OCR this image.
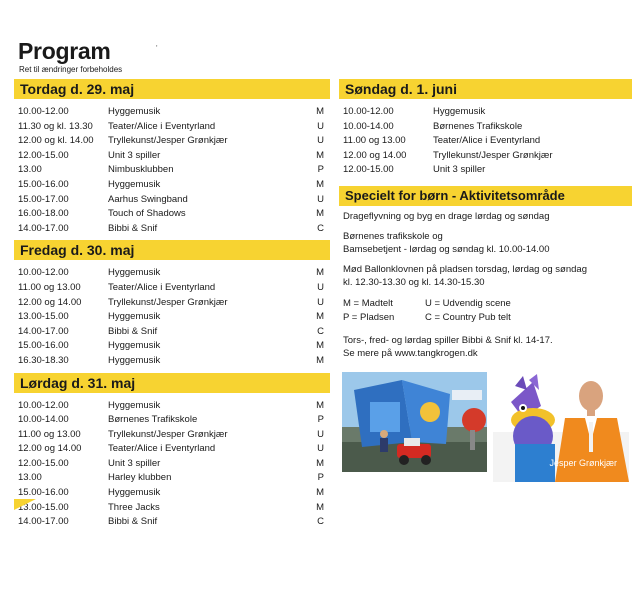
Program	'
Ret til ændringer forbeholdes
Tordag d. 29. maj
10.00-12.00	Hyggemusik	M
11.30 og kl. 13.30 Teater/Alice i Eventyrland	U
12.00 og kl. 14.00 Tryllekunst/Jesper Grønkjær	U
12.00-15.00	Unit 3 spiller	M
13.00	Nimbusklubben	P
15.00-16.00	Hyggemusik	M
15.00-17.00	Aarhus Swingband	U
16.00-18.00	Touch of Shadows	M
14.00-17.00	Bibbi & Snif	C
Fredag d. 30. maj
10.00-12.00	Hyggemusik	M
11.00 og 13.00	Teater/Alice i Eventyrland	U
12.00 og 14.00	Tryllekunst/Jesper Grønkjær	U
13.00-15.00	Hyggemusik	M
14.00-17.00	Bibbi & Snif	C
15.00-16.00	Hyggemusik	M
16.30-18.30	Hyggemusik	M
Lørdag d. 31. maj
10.00-12.00	Hyggemusik	M
10.00-14.00	Børnenes Trafikskole	P
11.00 og 13.00	Tryllekunst/Jesper Grønkjær	U
12.00 og 14.00	Teater/Alice i Eventyrland	U
12.00-15.00	Unit 3 spiller	M
13.00	Harley klubben	P
15.00-16.00	Hyggemusik	M
13.00-15.00	Three Jacks	M
14.00-17.00	Bibbi & Snif	C
Søndag d. 1. juni
10.00-12.00	Hyggemusik
10.00-14.00	Børnenes Trafikskole
11.00 og 13.00	Teater/Alice i Eventyrland
12.00 og 14.00	Tryllekunst/Jesper Grønkjær
12.00-15.00	Unit 3 spiller
Specielt for børn - Aktivitetsområde
Drageflyvning og byg en drage lørdag og søndag
Børnenes trafikskole og
Bamsebetjent - lørdag og søndag kl. 10.00-14.00
Mød Ballonklovnen på pladsen torsdag, lørdag og søndag
kl. 12.30-13.30 og kl. 14.30-15.30
M = Madtelt	U = Udvendig scene
P = Pladsen	C = Country Pub telt
Tors-, fred- og lørdag spiller Bibbi & Snif kl. 14-17.
Se mere på www.tangkrogen.dk
Jesper Grønkjær
